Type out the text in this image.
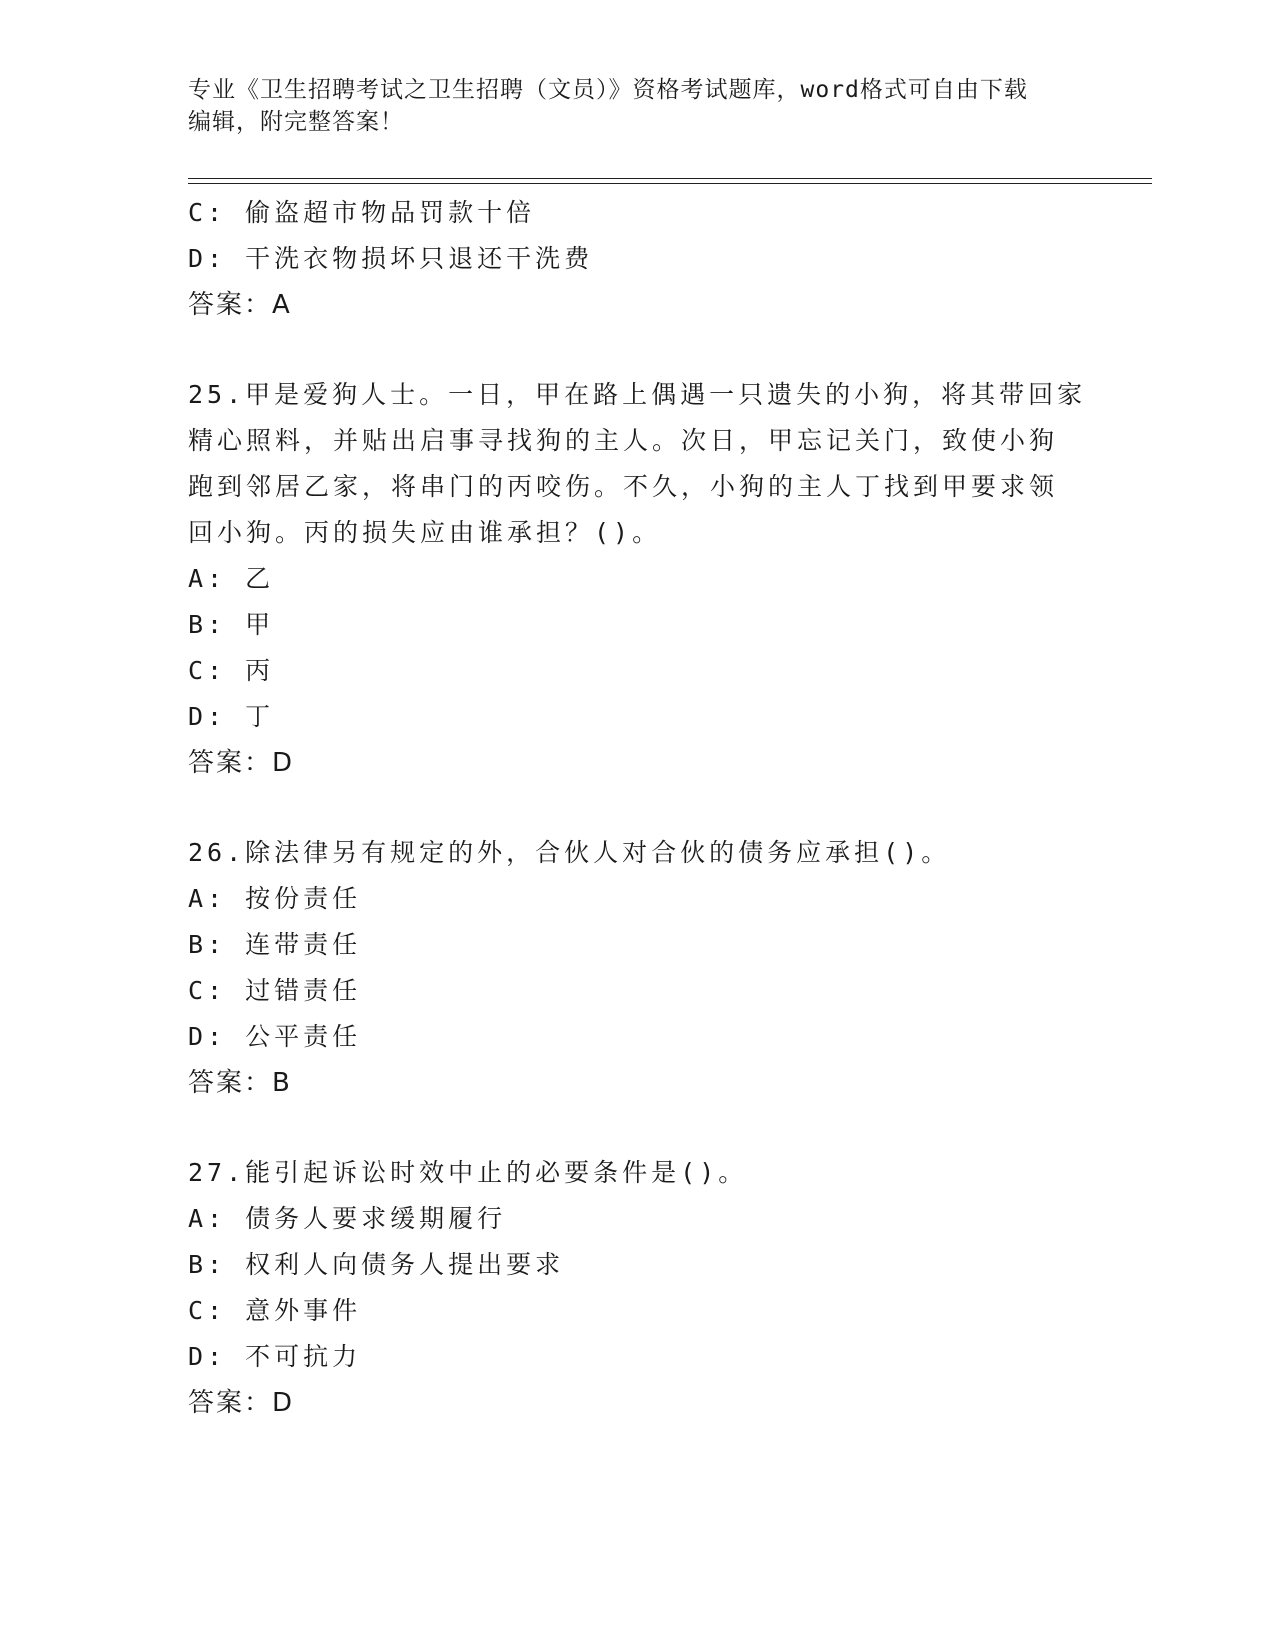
专业《卫生招聘考试之卫生招聘（文员）》资格考试题库，word格式可自由下载
编辑，附完整答案！
C: 偷盗超市物品罚款十倍
D: 干洗衣物损坏只退还干洗费
答案：A
25.甲是爱狗人士。一日，甲在路上偶遇一只遗失的小狗，将其带回家
精心照料，并贴出启事寻找狗的主人。次日，甲忘记关门，致使小狗
跑到邻居乙家，将串门的丙咬伤。不久，小狗的主人丁找到甲要求领
回小狗。丙的损失应由谁承担？()。
A: 乙
B: 甲
C: 丙
D: 丁
答案：D
26.除法律另有规定的外，合伙人对合伙的债务应承担()。
A: 按份责任
B: 连带责任
C: 过错责任
D: 公平责任
答案：B
27.能引起诉讼时效中止的必要条件是()。
A: 债务人要求缓期履行
B: 权利人向债务人提出要求
C: 意外事件
D: 不可抗力
答案：D
